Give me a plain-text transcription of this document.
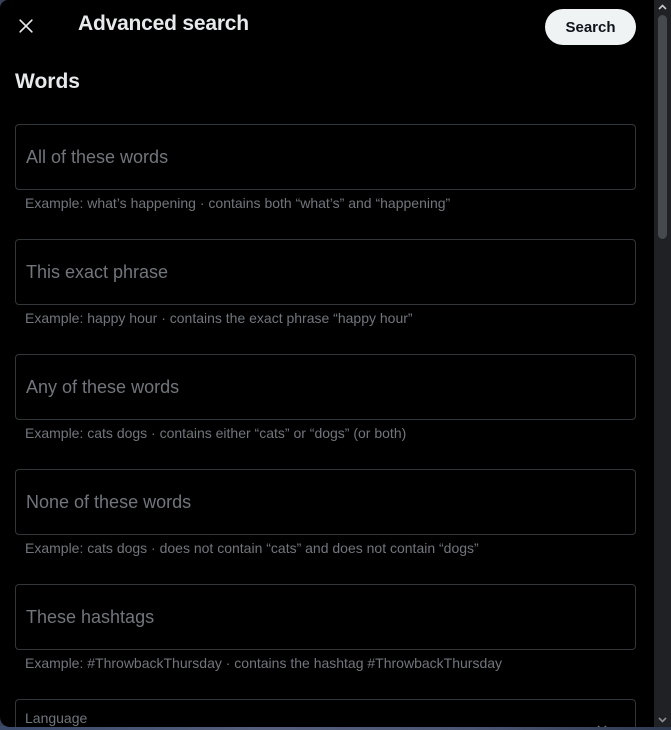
Advanced search	Search
Words
All of these words
Example: what’s happening · contains both “what’s” and “happening”
This exact phrase
Example: happy hour · contains the exact phrase “happy hour”
Any of these words
Example: cats dogs · contains either “cats” or “dogs” (or both)
None of these words
Example: cats dogs · does not contain “cats” and does not contain “dogs”
These hashtags
Example: #ThrowbackThursday · contains the hashtag #ThrowbackThursday
Language
